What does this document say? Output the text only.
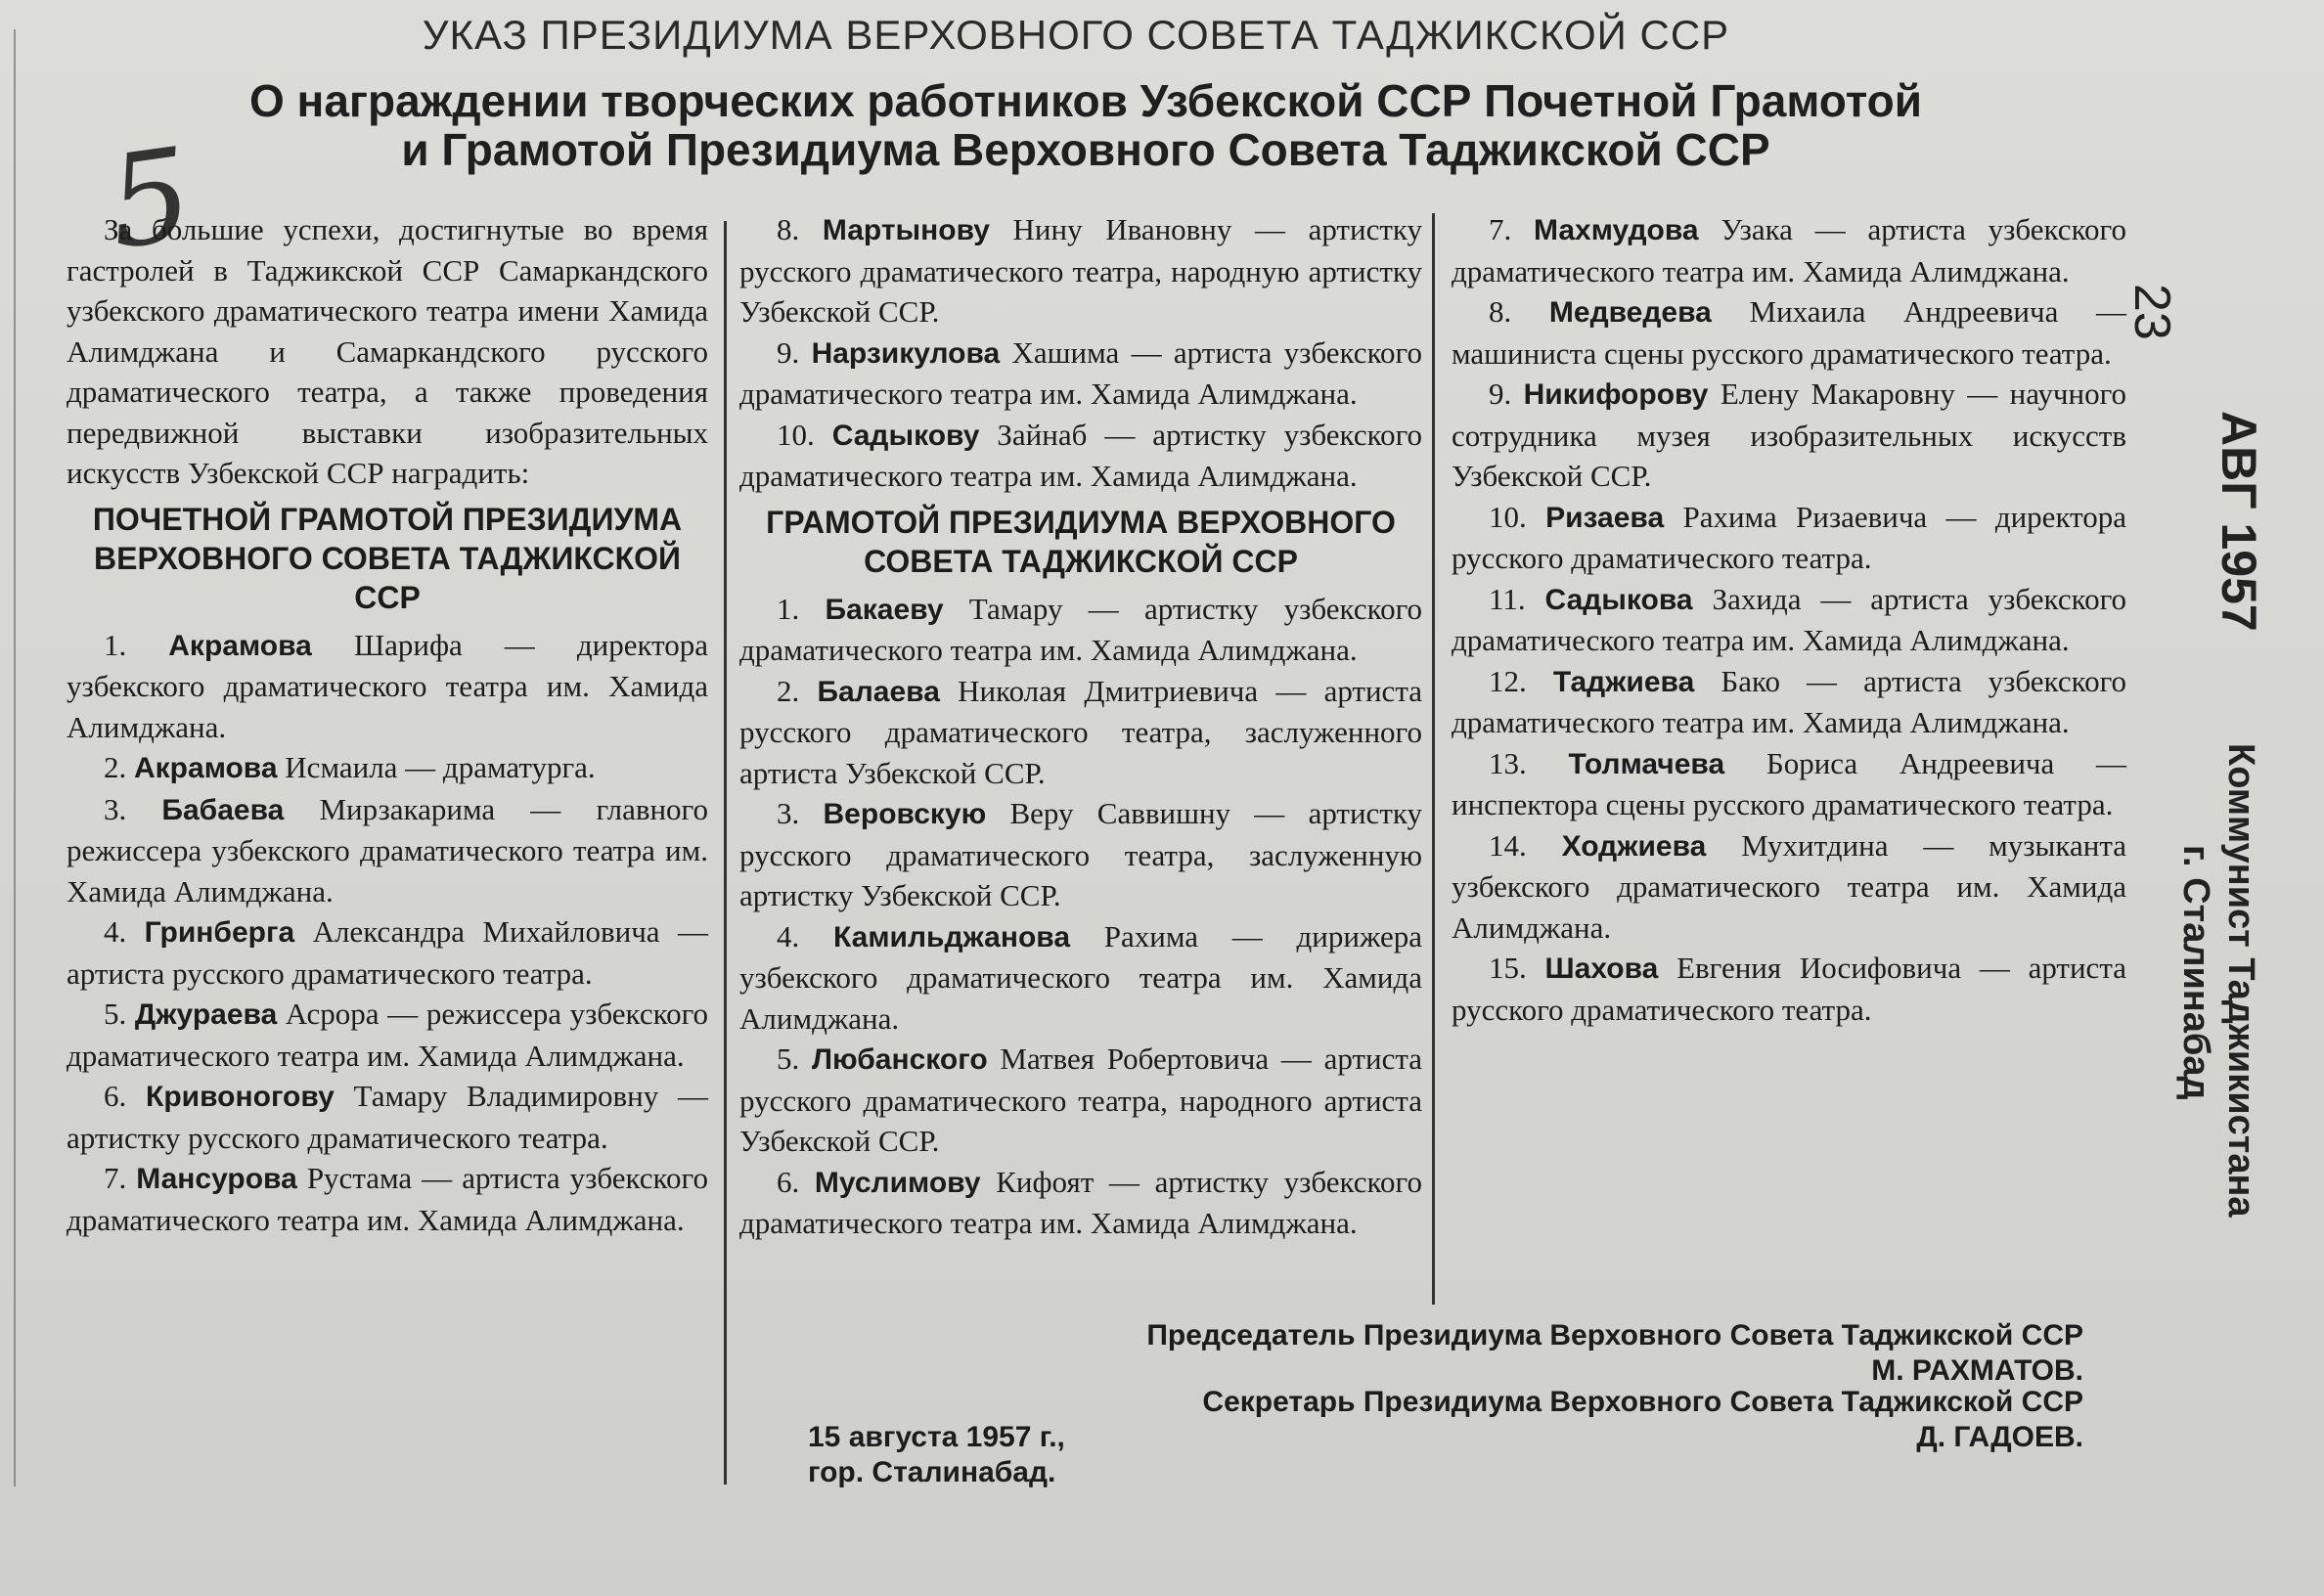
УКАЗ ПРЕЗИДИУМА ВЕРХОВНОГО СОВЕТА ТАДЖИКСКОЙ ССР
О награждении творческих работников Узбекской ССР Почетной Грамотой
и Грамотой Президиума Верховного Совета Таджикской ССР
5

За большие успехи, достигнутые во время гастролей в Таджикской ССР Самаркандского узбекского драматического театра имени Хамида Алимджана и Самаркандского русского драматического театра, а также проведения передвижной выставки изобразительных искусств Узбекской ССР наградить:

ПОЧЕТНОЙ ГРАМОТОЙ ПРЕЗИДИУМА ВЕРХОВНОГО СОВЕТА ТАДЖИКСКОЙ ССР

1. Акрамова Шарифа — директора узбекского драматического театра им. Хамида Алимджана.

2. Акрамова Исмаила — драматурга.

3. Бабаева Мирзакарима — главного режиссера узбекского драматического театра им. Хамида Алимджана.

4. Гринберга Александра Михайловича — артиста русского драматического театра.

5. Джураева Асрора — режиссера узбекского драматического театра им. Хамида Алимджана.

6. Кривоногову Тамару Владимировну — артистку русского драматического театра.

7. Мансурова Рустама — артиста узбекского драматического театра им. Хамида Алимджана.

8. Мартынову Нину Ивановну — артистку русского драматического театра, народную артистку Узбекской ССР.

9. Нарзикулова Хашима — артиста узбекского драматического театра им. Хамида Алимджана.

10. Садыкову Зайнаб — артистку узбекского драматического театра им. Хамида Алимджана.

ГРАМОТОЙ ПРЕЗИДИУМА ВЕРХОВНОГО СОВЕТА ТАДЖИКСКОЙ ССР

1. Бакаеву Тамару — артистку узбекского драматического театра им. Хамида Алимджана.

2. Балаева Николая Дмитриевича — артиста русского драматического театра, заслуженного артиста Узбекской ССР.

3. Веровскую Веру Саввишну — артистку русского драматического театра, заслуженную артистку Узбекской ССР.

4. Камильджанова Рахима — дирижера узбекского драматического театра им. Хамида Алимджана.

5. Любанского Матвея Робертовича — артиста русского драматического театра, народного артиста Узбекской ССР.

6. Муслимову Кифоят — артистку узбекского драматического театра им. Хамида Алимджана.

7. Махмудова Узака — артиста узбекского драматического театра им. Хамида Алимджана.

8. Медведева Михаила Андреевича — машиниста сцены русского драматического театра.

9. Никифорову Елену Макаровну — научного сотрудника музея изобразительных искусств Узбекской ССР.

10. Ризаева Рахима Ризаевича — директора русского драматического театра.

11. Садыкова Захида — артиста узбекского драматического театра им. Хамида Алимджана.

12. Таджиева Бако — артиста узбекского драматического театра им. Хамида Алимджана.

13. Толмачева Бориса Андреевича — инспектора сцены русского драматического театра.

14. Ходжиева Мухитдина — музыканта узбекского драматического театра им. Хамида Алимджана.

15. Шахова Евгения Иосифовича — артиста русского драматического театра.

Председатель Президиума Верховного Совета Таджикской ССР
М. РАХМАТОВ.
Секретарь Президиума Верховного Совета Таджикской ССР
Д. ГАДОЕВ.
15 августа 1957 г.,
гор. Сталинабад.
23
АВГ 1957
Коммунист Таджикистана
г. Сталинабад
